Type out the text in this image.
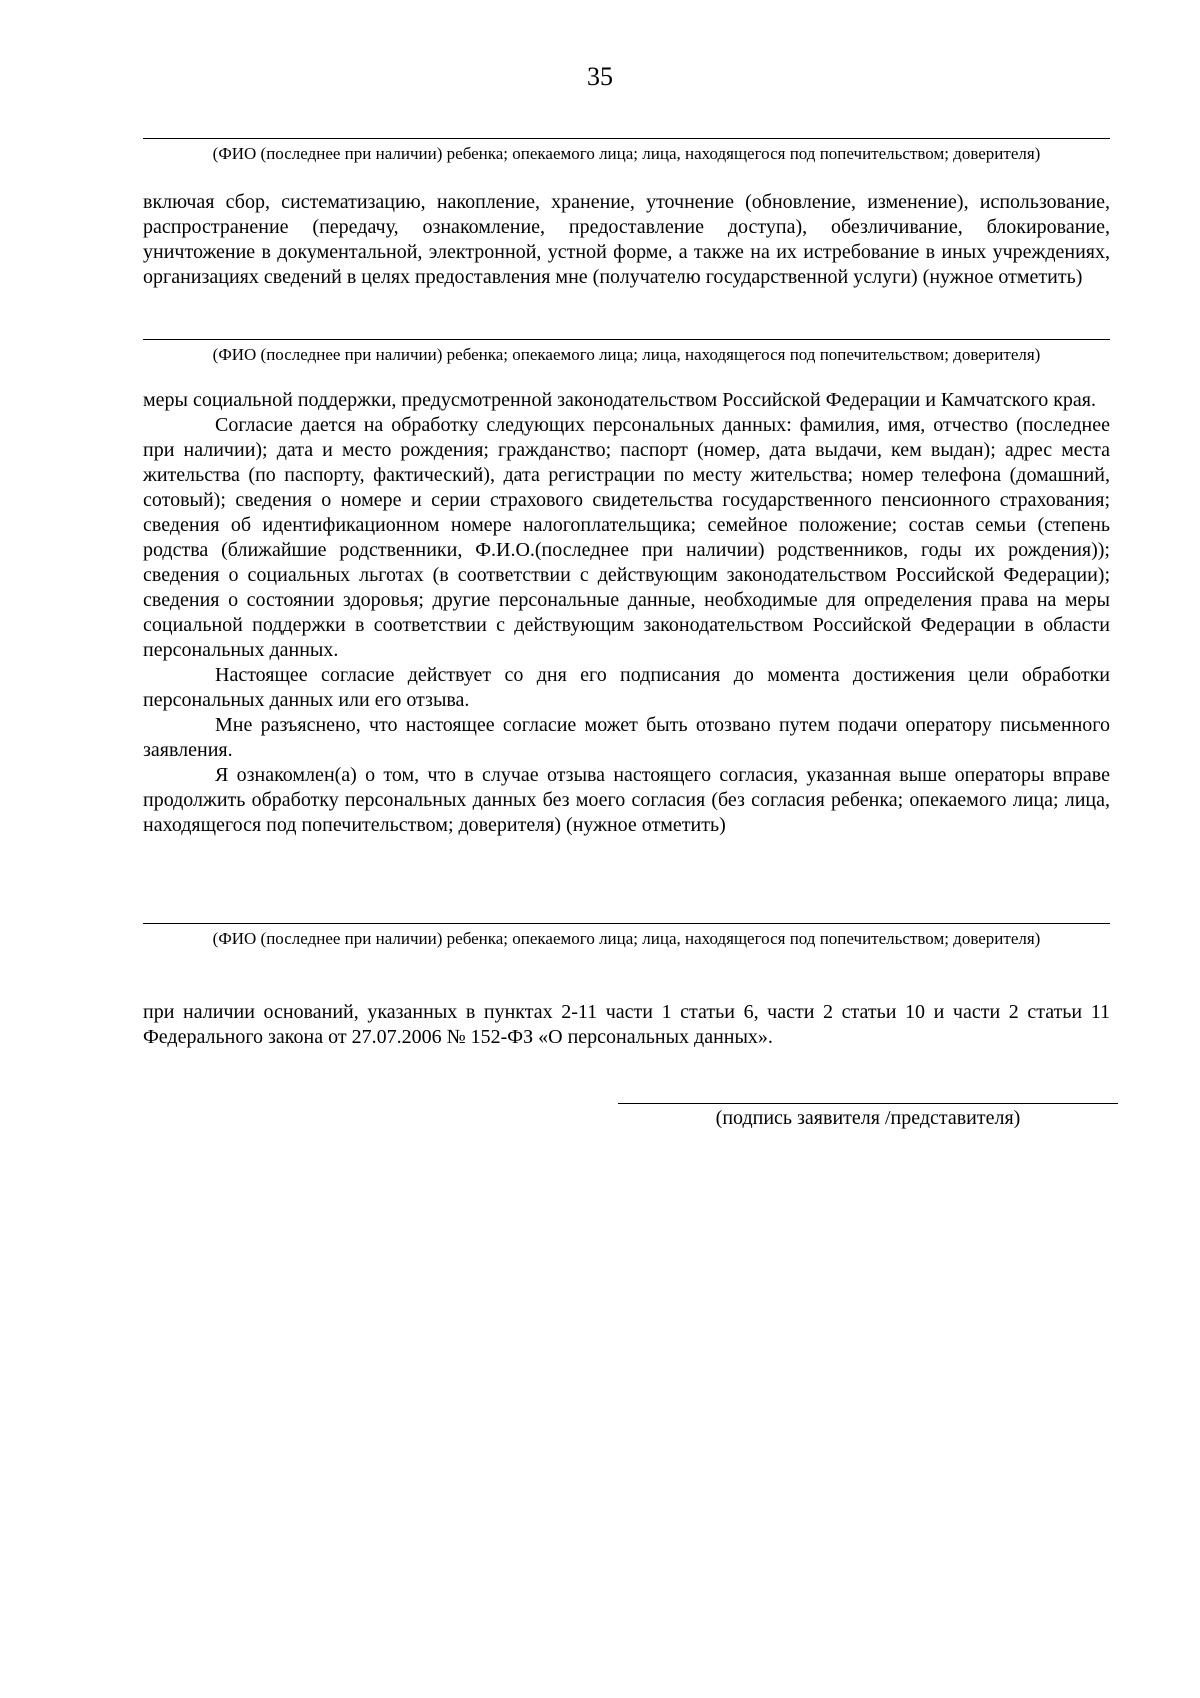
35
(ФИО (последнее при наличии) ребенка; опекаемого лица; лица, находящегося под попечительством; доверителя)

включая сбор, систематизацию, накопление, хранение, уточнение (обновление, изменение), использование, распространение (передачу, ознакомление, предоставление доступа), обезличивание, блокирование, уничтожение в документальной, электронной, устной форме, а также на их истребование в иных учреждениях, организациях сведений в целях предоставления мне (получателю государственной услуги) (нужное отметить)

(ФИО (последнее при наличии) ребенка; опекаемого лица; лица, находящегося под попечительством; доверителя)

меры социальной поддержки, предусмотренной законодательством Российской Федерации и Камчатского края.

Согласие дается на обработку следующих персональных данных: фамилия, имя, отчество (последнее при наличии); дата и место рождения; гражданство; паспорт (номер, дата выдачи, кем выдан); адрес места жительства (по паспорту, фактический), дата регистрации по месту жительства; номер телефона (домашний, сотовый); сведения о номере и серии страхового свидетельства государственного пенсионного страхования; сведения об идентификационном номере налогоплательщика; семейное положение; состав семьи (степень родства (ближайшие родственники, Ф.И.О.(последнее при наличии) родственников, годы их рождения)); сведения о социальных льготах (в соответствии с действующим законодательством Российской Федерации); сведения о состоянии здоровья; другие персональные данные, необходимые для определения права на меры социальной поддержки в соответствии с действующим законодательством Российской Федерации в области персональных данных.

Настоящее согласие действует со дня его подписания до момента достижения цели обработки персональных данных или его отзыва.

Мне разъяснено, что настоящее согласие может быть отозвано путем подачи оператору письменного заявления.

Я ознакомлен(а) о том, что в случае отзыва настоящего согласия, указанная выше операторы вправе продолжить обработку персональных данных без моего согласия (без согласия ребенка; опекаемого лица; лица, находящегося под попечительством; доверителя) (нужное отметить)

(ФИО (последнее при наличии) ребенка; опекаемого лица; лица, находящегося под попечительством; доверителя)

при наличии оснований, указанных в пунктах 2-11 части 1 статьи 6, части 2 статьи 10 и части 2 статьи 11 Федерального закона от 27.07.2006 № 152-ФЗ «О персональных данных».

(подпись заявителя /представителя)
